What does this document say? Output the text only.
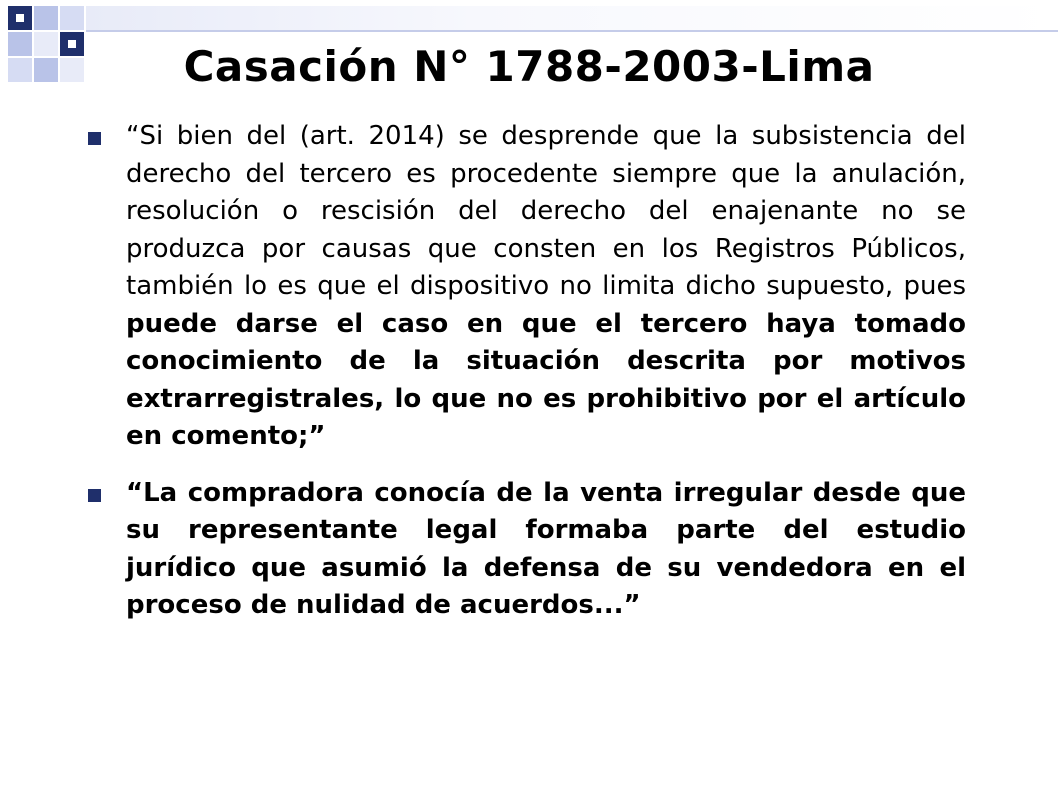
Casación N° 1788-2003-Lima
“Si bien del (art. 2014) se desprende que la subsistencia del derecho del tercero es procedente siempre que la anulación, resolución o rescisión del derecho del enajenante no se produzca por causas que consten en los Registros Públicos, también lo es que el dispositivo no limita dicho supuesto, pues puede darse el caso en que el tercero haya tomado conocimiento de la situación descrita por motivos extrarregistrales, lo que no es prohibitivo por el artículo en comento;”
“La compradora conocía de la venta irregular desde que su representante legal formaba parte del estudio jurídico que asumió la defensa de su vendedora en el proceso de nulidad de acuerdos...”
